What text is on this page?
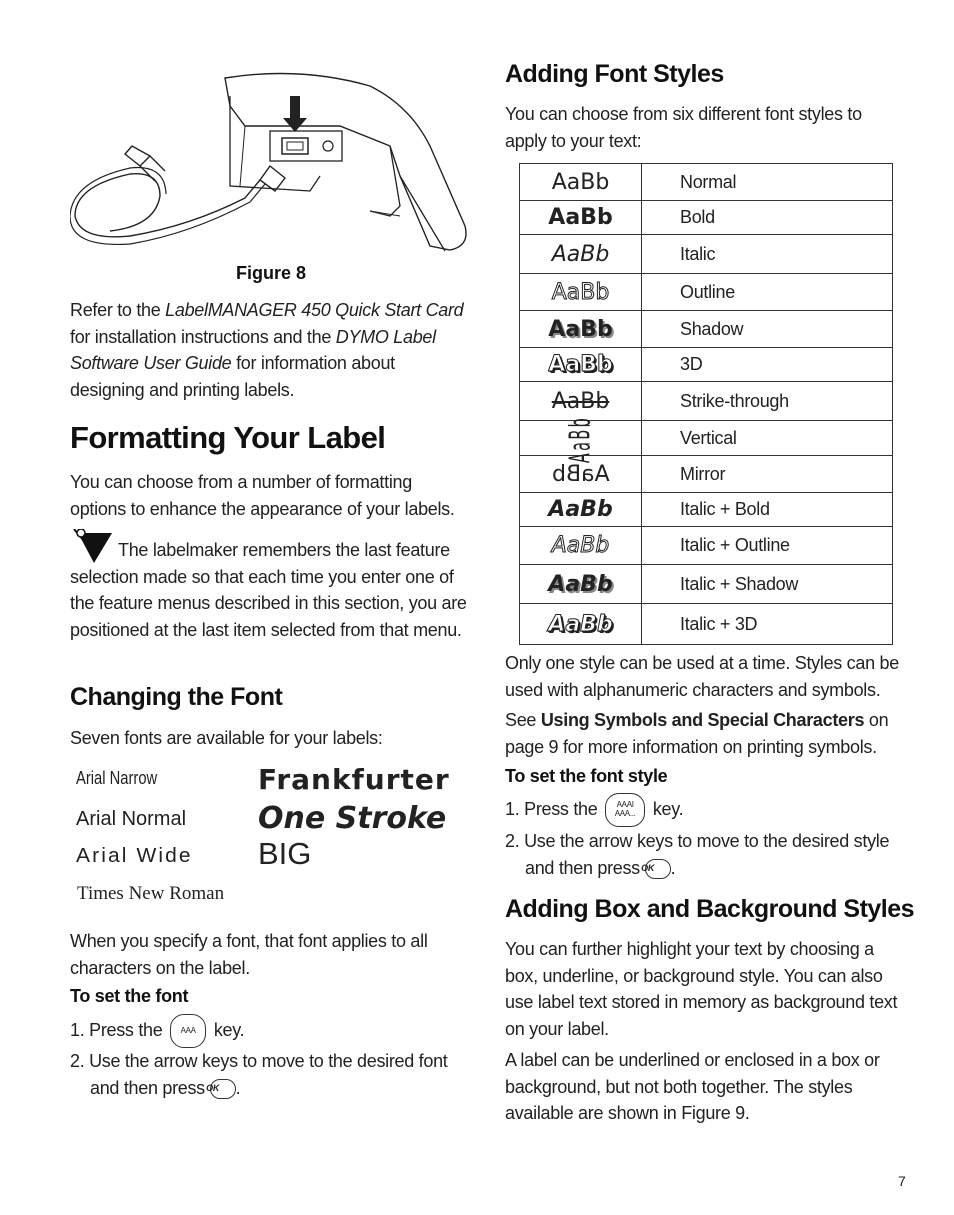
Figure 8

Refer to the LabelMANAGER 450 Quick Start Card for installation instructions and the DYMO Label Software User Guide for information about designing and printing labels.

Formatting Your Label

You can choose from a number of formatting options to enhance the appearance of your labels.

The labelmaker remembers the last feature selection made so that each time you enter one of the feature menus described in this section, you are positioned at the last item selected from that menu.

Changing the Font

Seven fonts are available for your labels:

Arial Narrow
Arial Normal
Arial Wide
Times New Roman
Frankfurter
One Stroke
BIG

When you specify a font, that font applies to all characters on the label.

To set the font
1. Press the AAA key.
2. Use the arrow keys to move to the desired font and then press OK .
Adding Font Styles

You can choose from six different font styles to apply to your text:

AaBb	Normal
AaBb	Bold
AaBb	Italic
AaBb	Outline
AaBb	Shadow
AaBb	3D
AaBb	Strike-through
AaBb	Vertical
AaBb	Mirror
AaBb	Italic + Bold
AaBb	Italic + Outline
AaBb	Italic + Shadow
AaBb	Italic + 3D

Only one style can be used at a time. Styles can be used with alphanumeric characters and symbols.

See Using Symbols and Special Characters on page 9 for more information on printing symbols.

To set the font style
1. Press the AAAI
AAA... key.
2. Use the arrow keys to move to the desired style and then press OK .
Adding Box and Background Styles

You can further highlight your text by choosing a box, underline, or background style. You can also use label text stored in memory as background text on your label.

A label can be underlined or enclosed in a box or background, but not both together. The styles available are shown in Figure 9.

7
